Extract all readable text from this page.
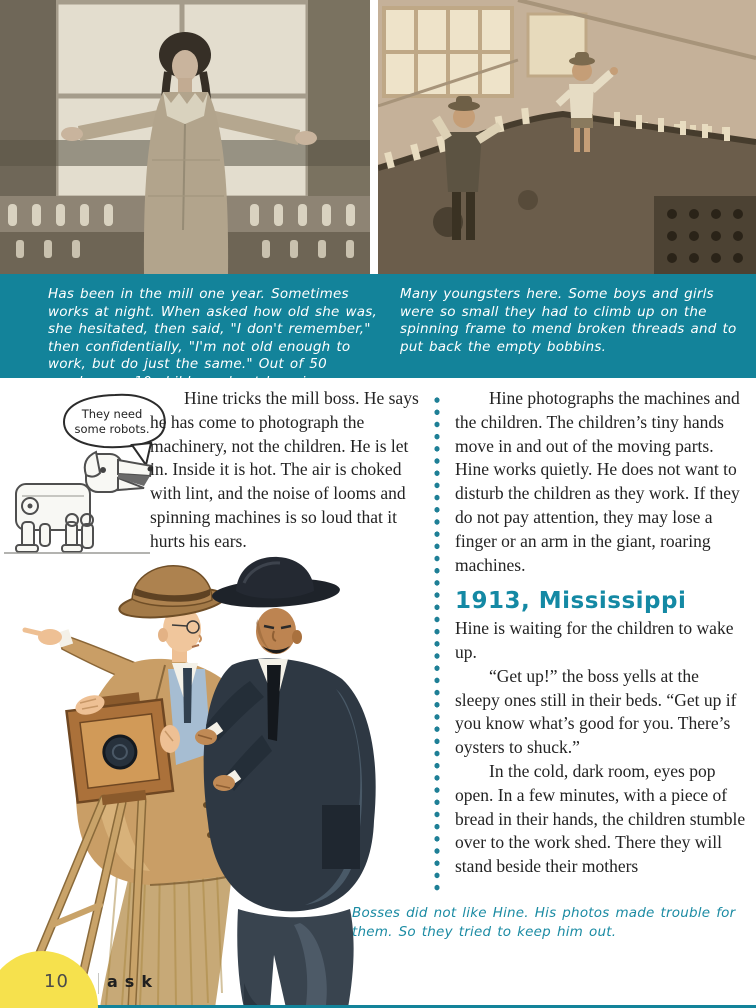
Has been in the mill one year. Sometimes works at night. When asked how old she was, she hesitated, then said, "I don't remember," then confidentially, "I'm not old enough to work, but do just the same." Out of 50 employees, 10 children about her size.
Many youngsters here. Some boys and girls were so small they had to climb up on the spinning frame to mend broken threads and to put back the empty bobbins.
They need
some robots.

Hine tricks the mill boss. He says he has come to photograph the machinery, not the children. He is let in. Inside it is hot. The air is choked with lint, and the noise of looms and spinning machines is so loud that it hurts his ears.

Hine photographs the machines and the children. The children’s tiny hands move in and out of the moving parts. Hine works quietly. He does not want to disturb the children as they work. If they do not pay attention, they may lose a finger or an arm in the giant, roaring machines.

1913, Mississippi

Hine is waiting for the children to wake up.

“Get up!” the boss yells at the sleepy ones still in their beds. “Get up if you know what’s good for you. There’s oysters to shuck.”

In the cold, dark room, eyes pop open. In a few minutes, with a piece of bread in their hands, the children stumble over to the work shed. There they will stand beside their mothers

Bosses did not like Hine. His photos made trouble for them. So they tried to keep him out.
10 ask
